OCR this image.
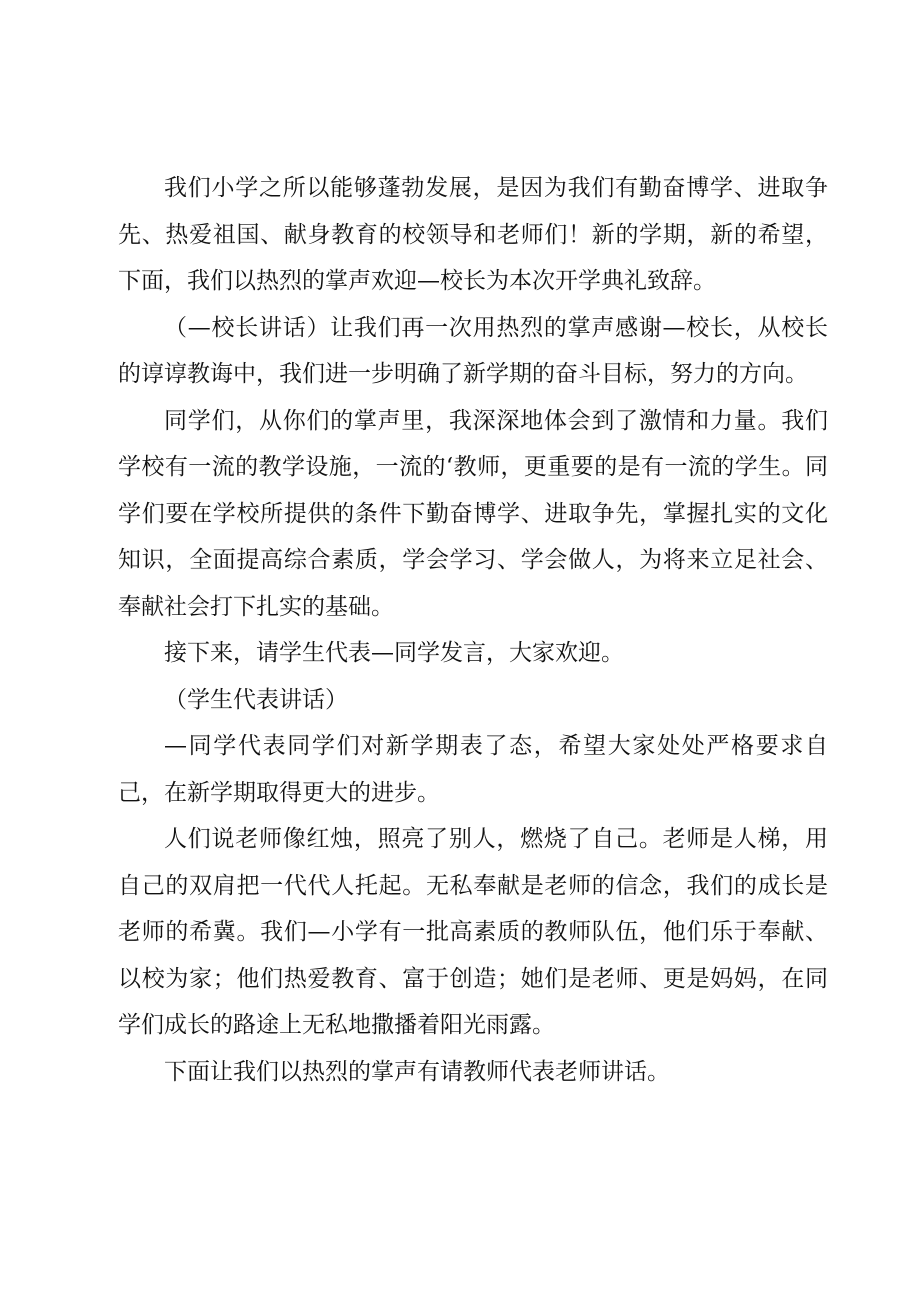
我们小学之所以能够蓬勃发展，是因为我们有勤奋博学、进取争先、热爱祖国、献身教育的校领导和老师们！新的学期，新的希望，下面，我们以热烈的掌声欢迎—校长为本次开学典礼致辞。

（—校长讲话）让我们再一次用热烈的掌声感谢—校长，从校长的谆谆教诲中，我们进一步明确了新学期的奋斗目标，努力的方向。

同学们，从你们的掌声里，我深深地体会到了激情和力量。我们学校有一流的教学设施，一流的‘教师，更重要的是有一流的学生。同学们要在学校所提供的条件下勤奋博学、进取争先，掌握扎实的文化知识，全面提高综合素质，学会学习、学会做人，为将来立足社会、奉献社会打下扎实的基础。

接下来，请学生代表—同学发言，大家欢迎。

（学生代表讲话）

—同学代表同学们对新学期表了态，希望大家处处严格要求自己，在新学期取得更大的进步。

人们说老师像红烛，照亮了别人，燃烧了自己。老师是人梯，用自己的双肩把一代代人托起。无私奉献是老师的信念，我们的成长是老师的希冀。我们—小学有一批高素质的教师队伍，他们乐于奉献、以校为家；他们热爱教育、富于创造；她们是老师、更是妈妈，在同学们成长的路途上无私地撒播着阳光雨露。

下面让我们以热烈的掌声有请教师代表老师讲话。
